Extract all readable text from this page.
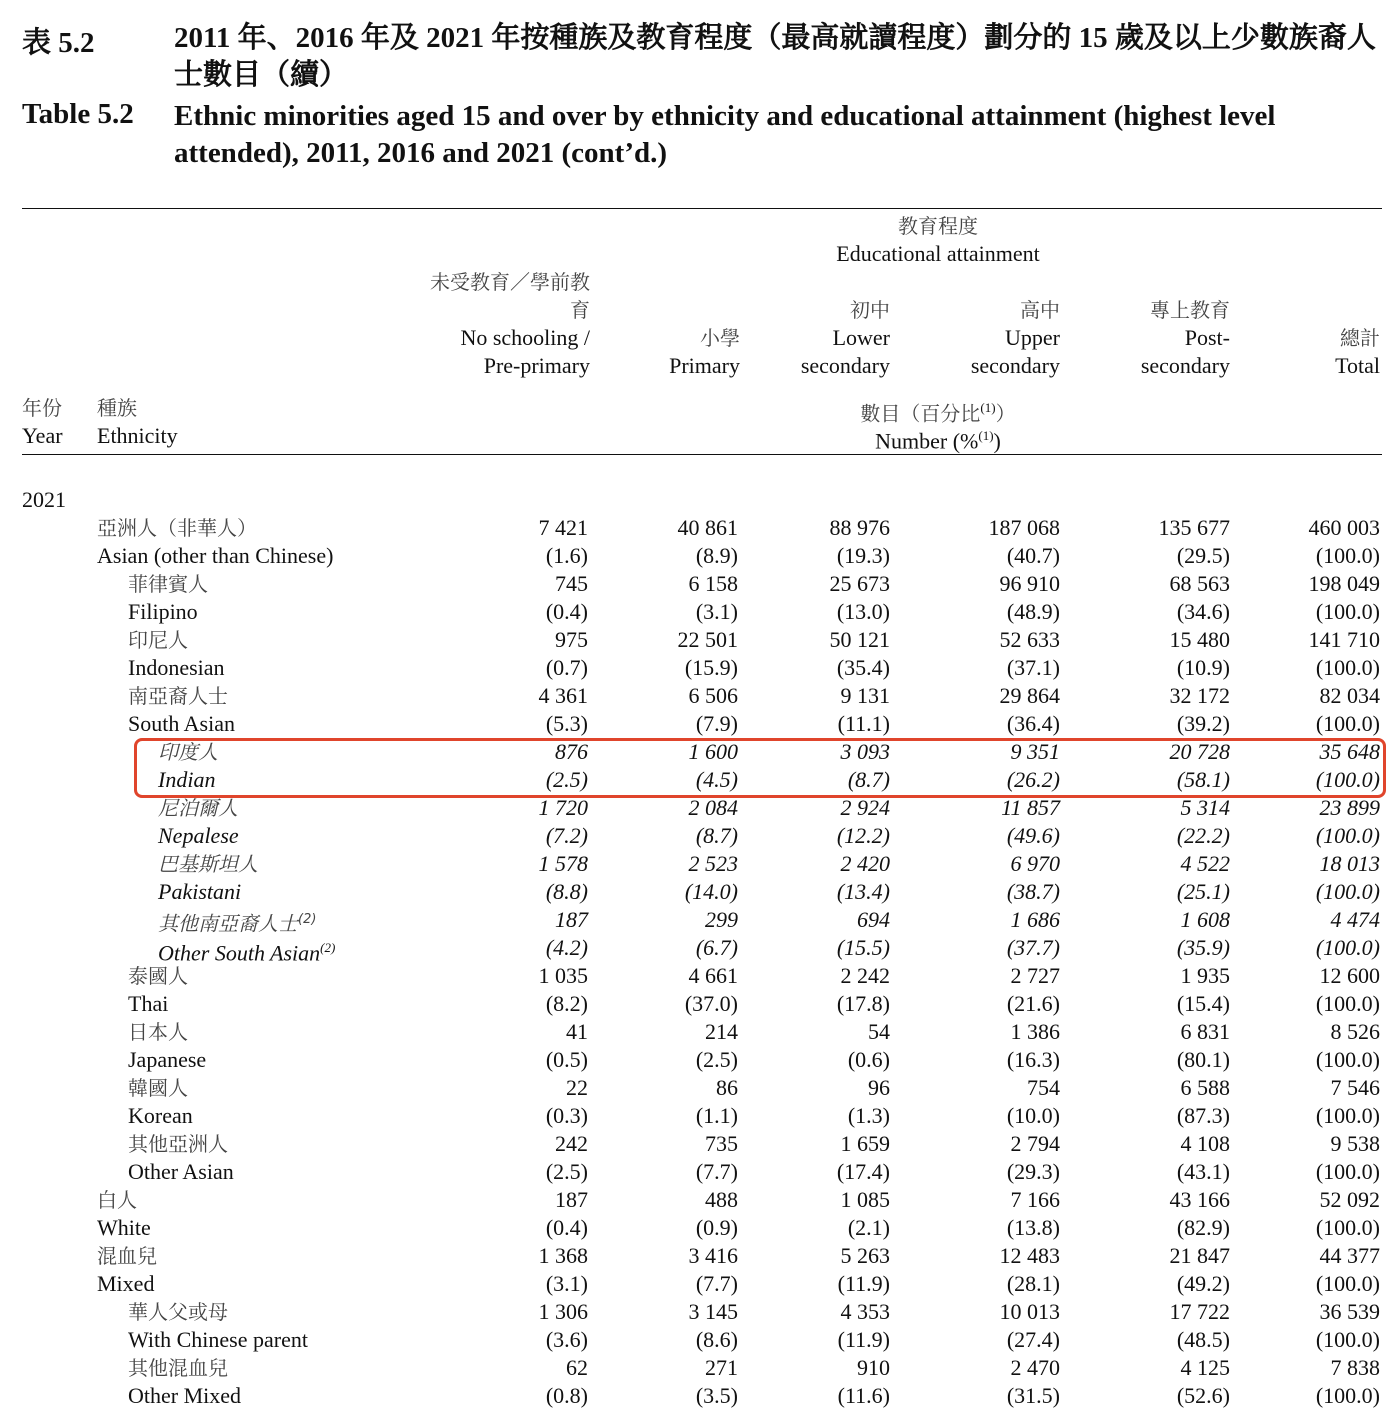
表 5.2	2011 年、2016 年及 2021 年按種族及教育程度（最高就讀程度）劃分的 15 歲及以上少數族裔人士數目（續）
Table 5.2	Ethnic minorities aged 15 and over by ethnicity and educational attainment (highest level attended), 2011, 2016 and 2021 (cont’d.)
教育程度
Educational attainment
未受教育／學前教育
No schooling /
Pre-primary
小學
Primary
初中
Lower
secondary
高中
Upper
secondary
專上教育
Post-
secondary
總計
Total
年份
Year
種族
Ethnicity
數目（百分比$^{(1)}$）
Number (%$^{(1)}$)
2021
亞洲人（非華人）	7 421	40 861	88 976	187 068	135 677	460 003
Asian (other than Chinese)	(1.6)	(8.9)	(19.3)	(40.7)	(29.5)	(100.0)
菲律賓人	745	6 158	25 673	96 910	68 563	198 049
Filipino	(0.4)	(3.1)	(13.0)	(48.9)	(34.6)	(100.0)
印尼人	975	22 501	50 121	52 633	15 480	141 710
Indonesian	(0.7)	(15.9)	(35.4)	(37.1)	(10.9)	(100.0)
南亞裔人士	4 361	6 506	9 131	29 864	32 172	82 034
South Asian	(5.3)	(7.9)	(11.1)	(36.4)	(39.2)	(100.0)
印度人	876	1 600	3 093	9 351	20 728	35 648
Indian	(2.5)	(4.5)	(8.7)	(26.2)	(58.1)	(100.0)
尼泊爾人	1 720	2 084	2 924	11 857	5 314	23 899
Nepalese	(7.2)	(8.7)	(12.2)	(49.6)	(22.2)	(100.0)
巴基斯坦人	1 578	2 523	2 420	6 970	4 522	18 013
Pakistani	(8.8)	(14.0)	(13.4)	(38.7)	(25.1)	(100.0)
其他南亞裔人士$^{(2)}$	187	299	694	1 686	1 608	4 474
Other South Asian$^{(2)}$	(4.2)	(6.7)	(15.5)	(37.7)	(35.9)	(100.0)
泰國人	1 035	4 661	2 242	2 727	1 935	12 600
Thai	(8.2)	(37.0)	(17.8)	(21.6)	(15.4)	(100.0)
日本人	41	214	54	1 386	6 831	8 526
Japanese	(0.5)	(2.5)	(0.6)	(16.3)	(80.1)	(100.0)
韓國人	22	86	96	754	6 588	7 546
Korean	(0.3)	(1.1)	(1.3)	(10.0)	(87.3)	(100.0)
其他亞洲人	242	735	1 659	2 794	4 108	9 538
Other Asian	(2.5)	(7.7)	(17.4)	(29.3)	(43.1)	(100.0)
白人	187	488	1 085	7 166	43 166	52 092
White	(0.4)	(0.9)	(2.1)	(13.8)	(82.9)	(100.0)
混血兒	1 368	3 416	5 263	12 483	21 847	44 377
Mixed	(3.1)	(7.7)	(11.9)	(28.1)	(49.2)	(100.0)
華人父或母	1 306	3 145	4 353	10 013	17 722	36 539
With Chinese parent	(3.6)	(8.6)	(11.9)	(27.4)	(48.5)	(100.0)
其他混血兒	62	271	910	2 470	4 125	7 838
Other Mixed	(0.8)	(3.5)	(11.6)	(31.5)	(52.6)	(100.0)
